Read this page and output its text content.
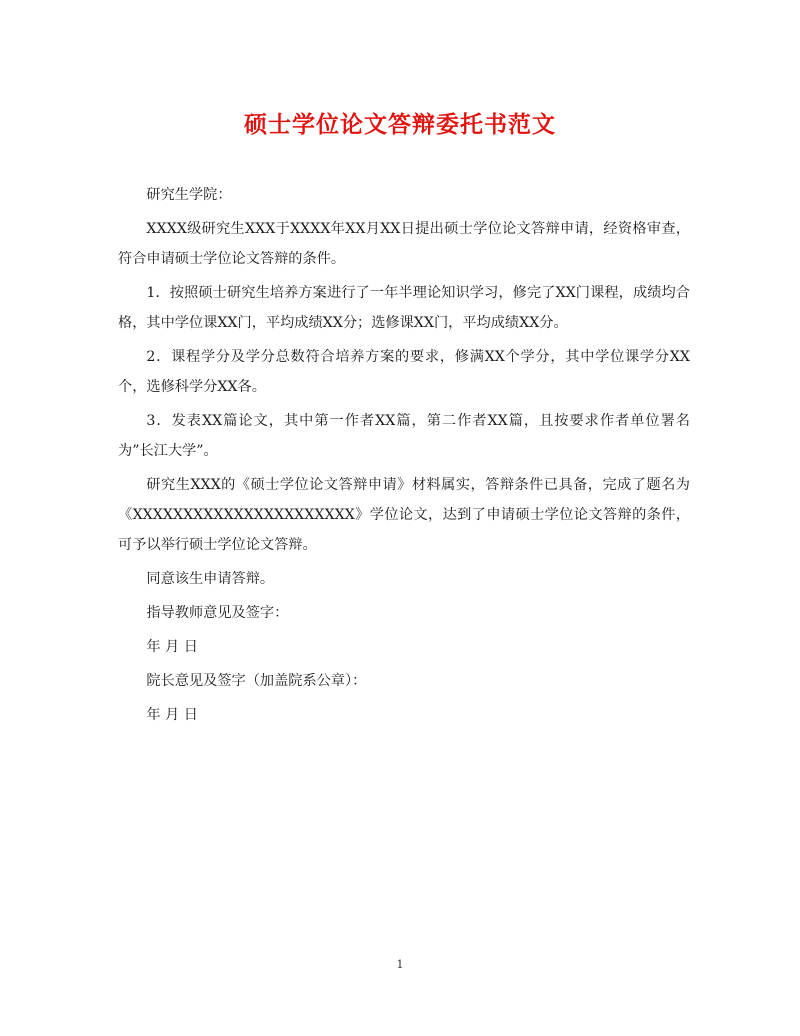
硕士学位论文答辩委托书范文

研究生学院：

XXXX级研究生XXX于XXXX年XX月XX日提出硕士学位论文答辩申请，经资格审查，符合申请硕士学位论文答辩的条件。

1．按照硕士研究生培养方案进行了一年半理论知识学习，修完了XX门课程，成绩均合格，其中学位课XX门，平均成绩XX分；选修课XX门，平均成绩XX分。

2．课程学分及学分总数符合培养方案的要求，修满XX个学分，其中学位课学分XX个，选修科学分XX各。

3．发表XX篇论文，其中第一作者XX篇，第二作者XX篇，且按要求作者单位署名为”长江大学”。

研究生XXX的《硕士学位论文答辩申请》材料属实，答辩条件已具备，完成了题名为《XXXXXXXXXXXXXXXXXXXXXX》学位论文，达到了申请硕士学位论文答辩的条件，可予以举行硕士学位论文答辩。

同意该生申请答辩。

指导教师意见及签字：

年 月 日

院长意见及签字（加盖院系公章）：

年 月 日

1
